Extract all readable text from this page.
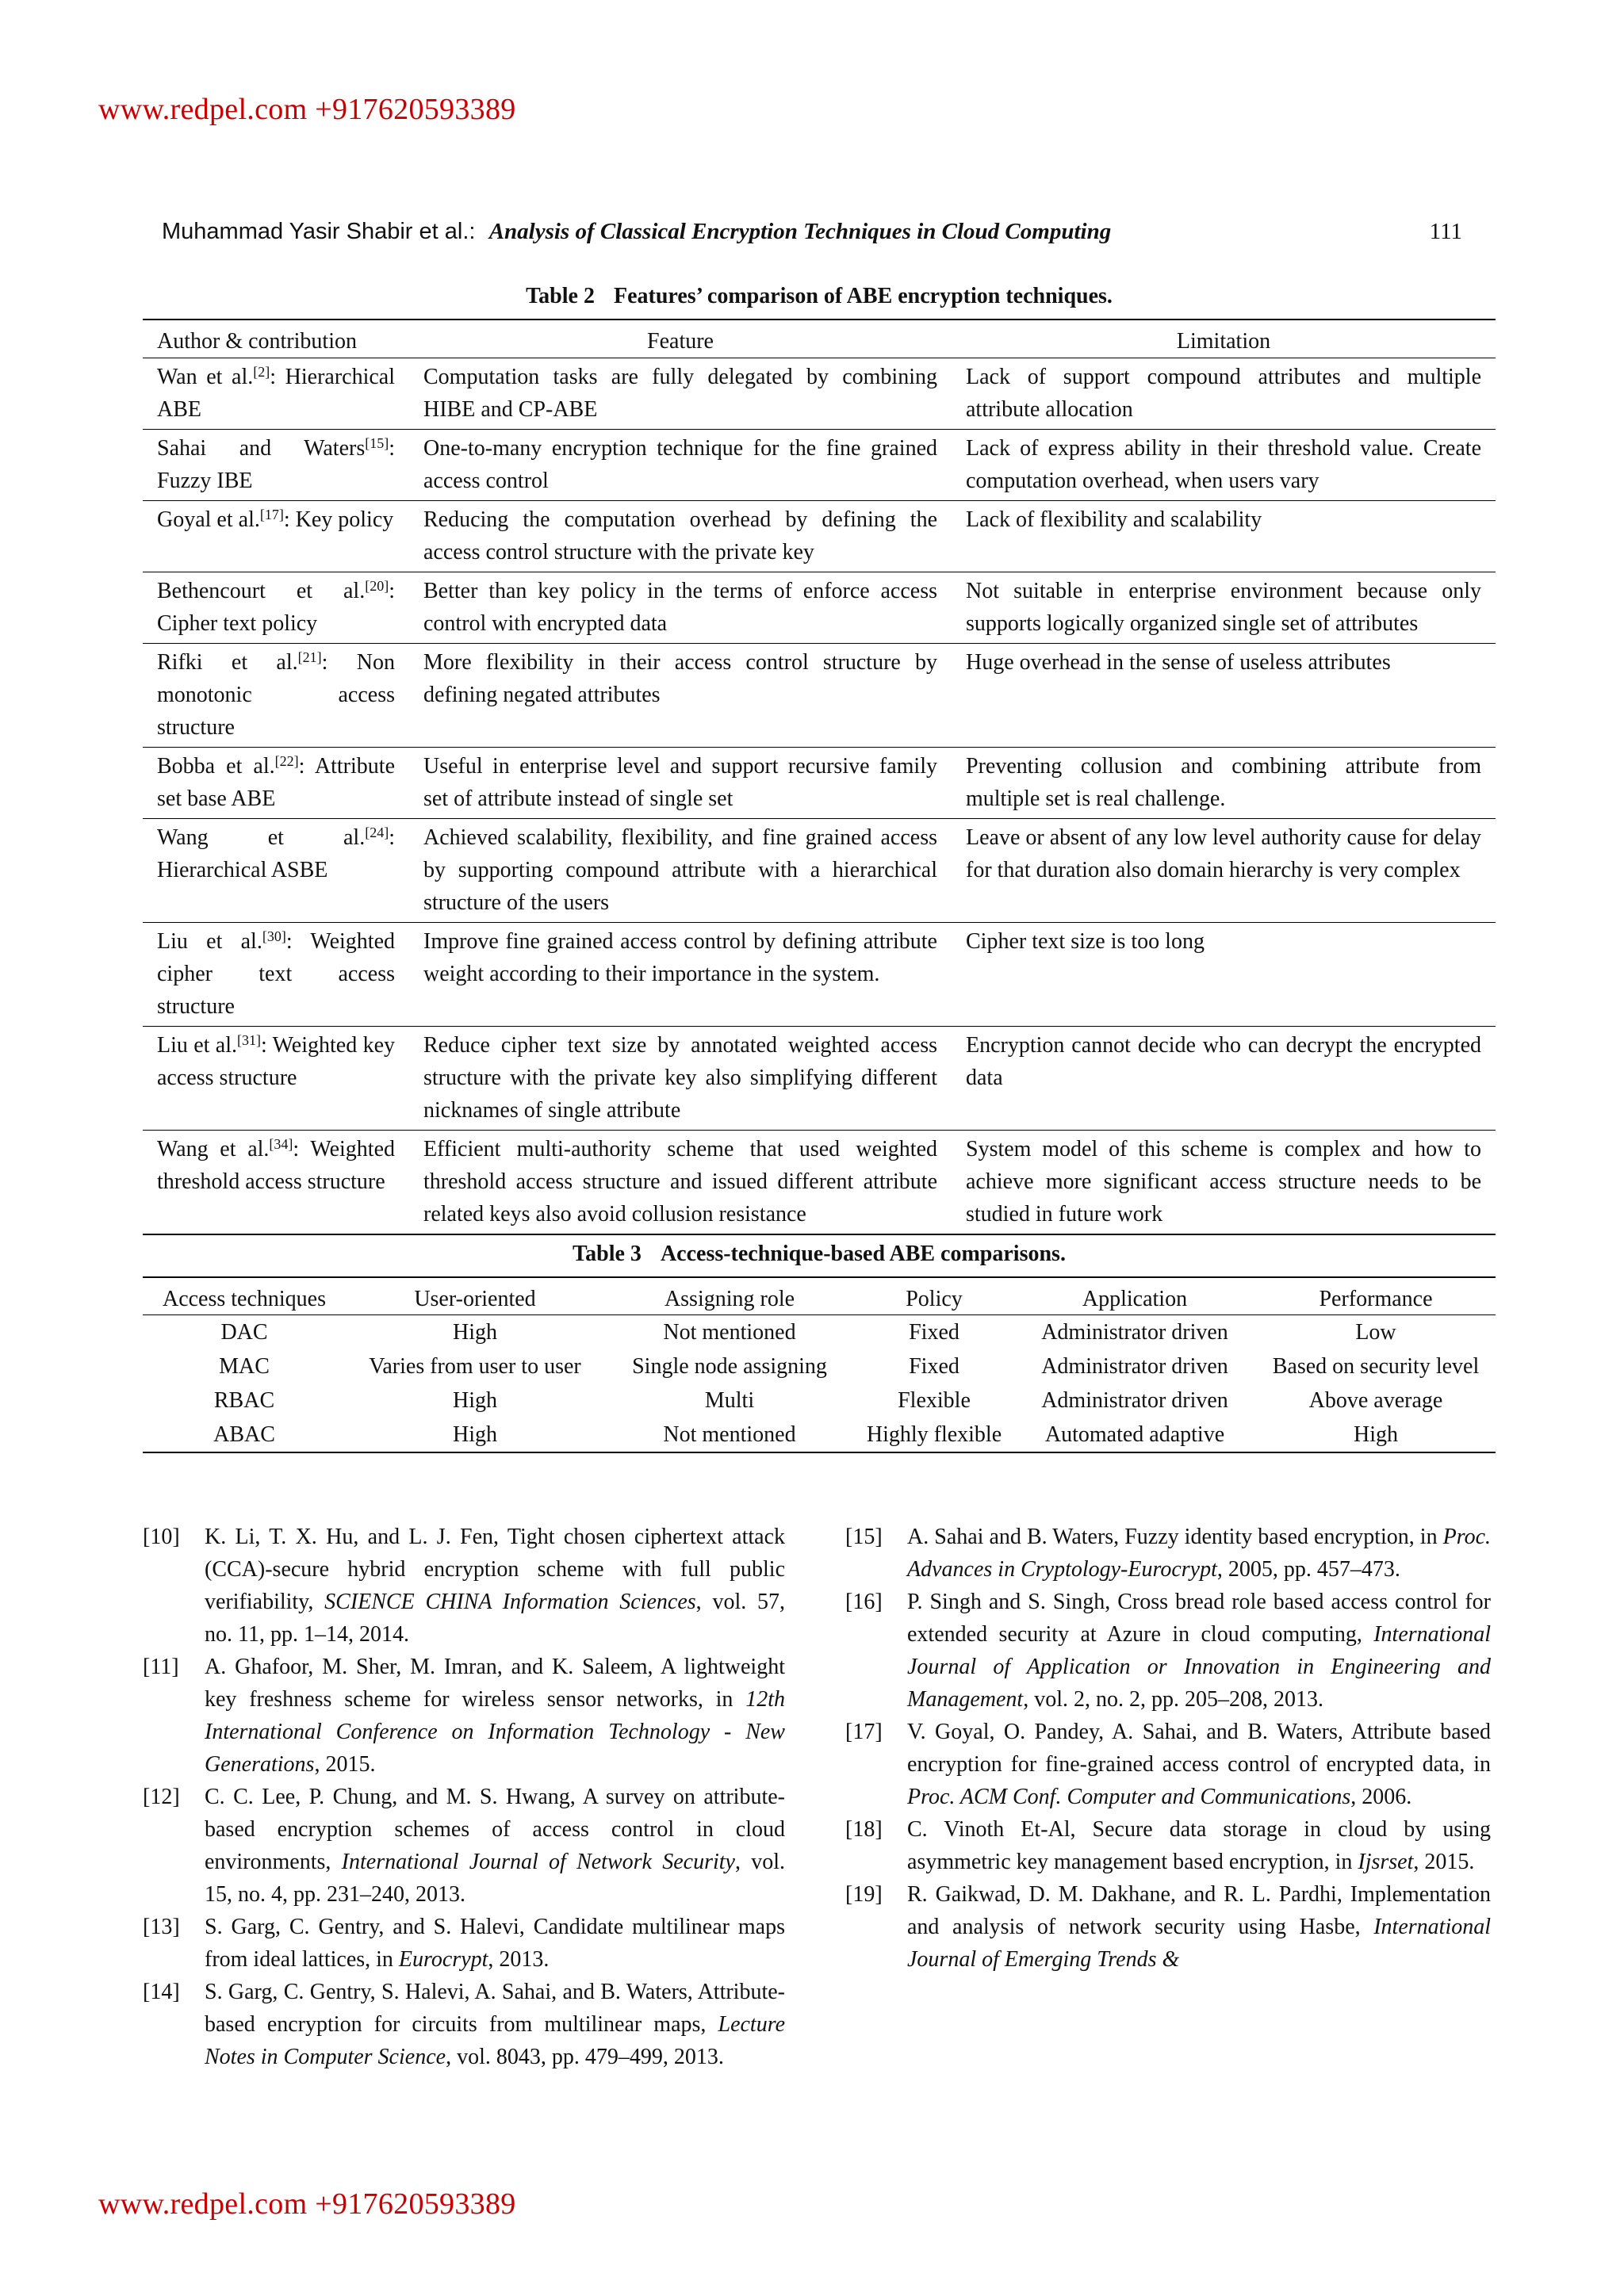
www.redpel.com +917620593389
Muhammad Yasir Shabir et al.: Analysis of Classical Encryption Techniques in Cloud Computing	111
Table 2 Features’ comparison of ABE encryption techniques.
Author & contribution	Feature	Limitation
Wan et al.[2]: Hierarchical ABE	Computation tasks are fully delegated by combining HIBE and CP-ABE	Lack of support compound attributes and multiple attribute allocation
Sahai and Waters[15]: Fuzzy IBE	One-to-many encryption technique for the fine grained access control	Lack of express ability in their threshold value. Create computation overhead, when users vary
Goyal et al.[17]: Key policy	Reducing the computation overhead by defining the access control structure with the private key	Lack of flexibility and scalability
Bethencourt et al.[20]: Cipher text policy	Better than key policy in the terms of enforce access control with encrypted data	Not suitable in enterprise environment because only supports logically organized single set of attributes
Rifki et al.[21]: Non monotonic access structure	More flexibility in their access control structure by defining negated attributes	Huge overhead in the sense of useless attributes
Bobba et al.[22]: Attribute set base ABE	Useful in enterprise level and support recursive family set of attribute instead of single set	Preventing collusion and combining attribute from multiple set is real challenge.
Wang et al.[24]: Hierarchical ASBE	Achieved scalability, flexibility, and fine grained access by supporting compound attribute with a hierarchical structure of the users	Leave or absent of any low level authority cause for delay for that duration also domain hierarchy is very complex
Liu et al.[30]: Weighted cipher text access structure	Improve fine grained access control by defining attribute weight according to their importance in the system.	Cipher text size is too long
Liu et al.[31]: Weighted key access structure	Reduce cipher text size by annotated weighted access structure with the private key also simplifying different nicknames of single attribute	Encryption cannot decide who can decrypt the encrypted data
Wang et al.[34]: Weighted threshold access structure	Efficient multi-authority scheme that used weighted threshold access structure and issued different attribute related keys also avoid collusion resistance	System model of this scheme is complex and how to achieve more significant access structure needs to be studied in future work
Table 3 Access-technique-based ABE comparisons.
Access techniques	User-oriented	Assigning role	Policy	Application	Performance
DAC	High	Not mentioned	Fixed	Administrator driven	Low
MAC	Varies from user to user	Single node assigning	Fixed	Administrator driven	Based on security level
RBAC	High	Multi	Flexible	Administrator driven	Above average
ABAC	High	Not mentioned	Highly flexible	Automated adaptive	High
[10]	K. Li, T. X. Hu, and L. J. Fen, Tight chosen ciphertext attack (CCA)-secure hybrid encryption scheme with full public verifiability, SCIENCE CHINA Information Sciences, vol. 57, no. 11, pp. 1–14, 2014.
[11]	A. Ghafoor, M. Sher, M. Imran, and K. Saleem, A lightweight key freshness scheme for wireless sensor networks, in 12th International Conference on Information Technology - New Generations, 2015.
[12]	C. C. Lee, P. Chung, and M. S. Hwang, A survey on attribute-based encryption schemes of access control in cloud environments, International Journal of Network Security, vol. 15, no. 4, pp. 231–240, 2013.
[13]	S. Garg, C. Gentry, and S. Halevi, Candidate multilinear maps from ideal lattices, in Eurocrypt, 2013.
[14]	S. Garg, C. Gentry, S. Halevi, A. Sahai, and B. Waters, Attribute-based encryption for circuits from multilinear maps, Lecture Notes in Computer Science, vol. 8043, pp. 479–499, 2013.
[15]	A. Sahai and B. Waters, Fuzzy identity based encryption, in Proc. Advances in Cryptology-Eurocrypt, 2005, pp. 457–473.
[16]	P. Singh and S. Singh, Cross bread role based access control for extended security at Azure in cloud computing, International Journal of Application or Innovation in Engineering and Management, vol. 2, no. 2, pp. 205–208, 2013.
[17]	V. Goyal, O. Pandey, A. Sahai, and B. Waters, Attribute based encryption for fine-grained access control of encrypted data, in Proc. ACM Conf. Computer and Communications, 2006.
[18]	C. Vinoth Et-Al, Secure data storage in cloud by using asymmetric key management based encryption, in Ijsrset, 2015.
[19]	R. Gaikwad, D. M. Dakhane, and R. L. Pardhi, Implementation and analysis of network security using Hasbe, International Journal of Emerging Trends &
www.redpel.com +917620593389
